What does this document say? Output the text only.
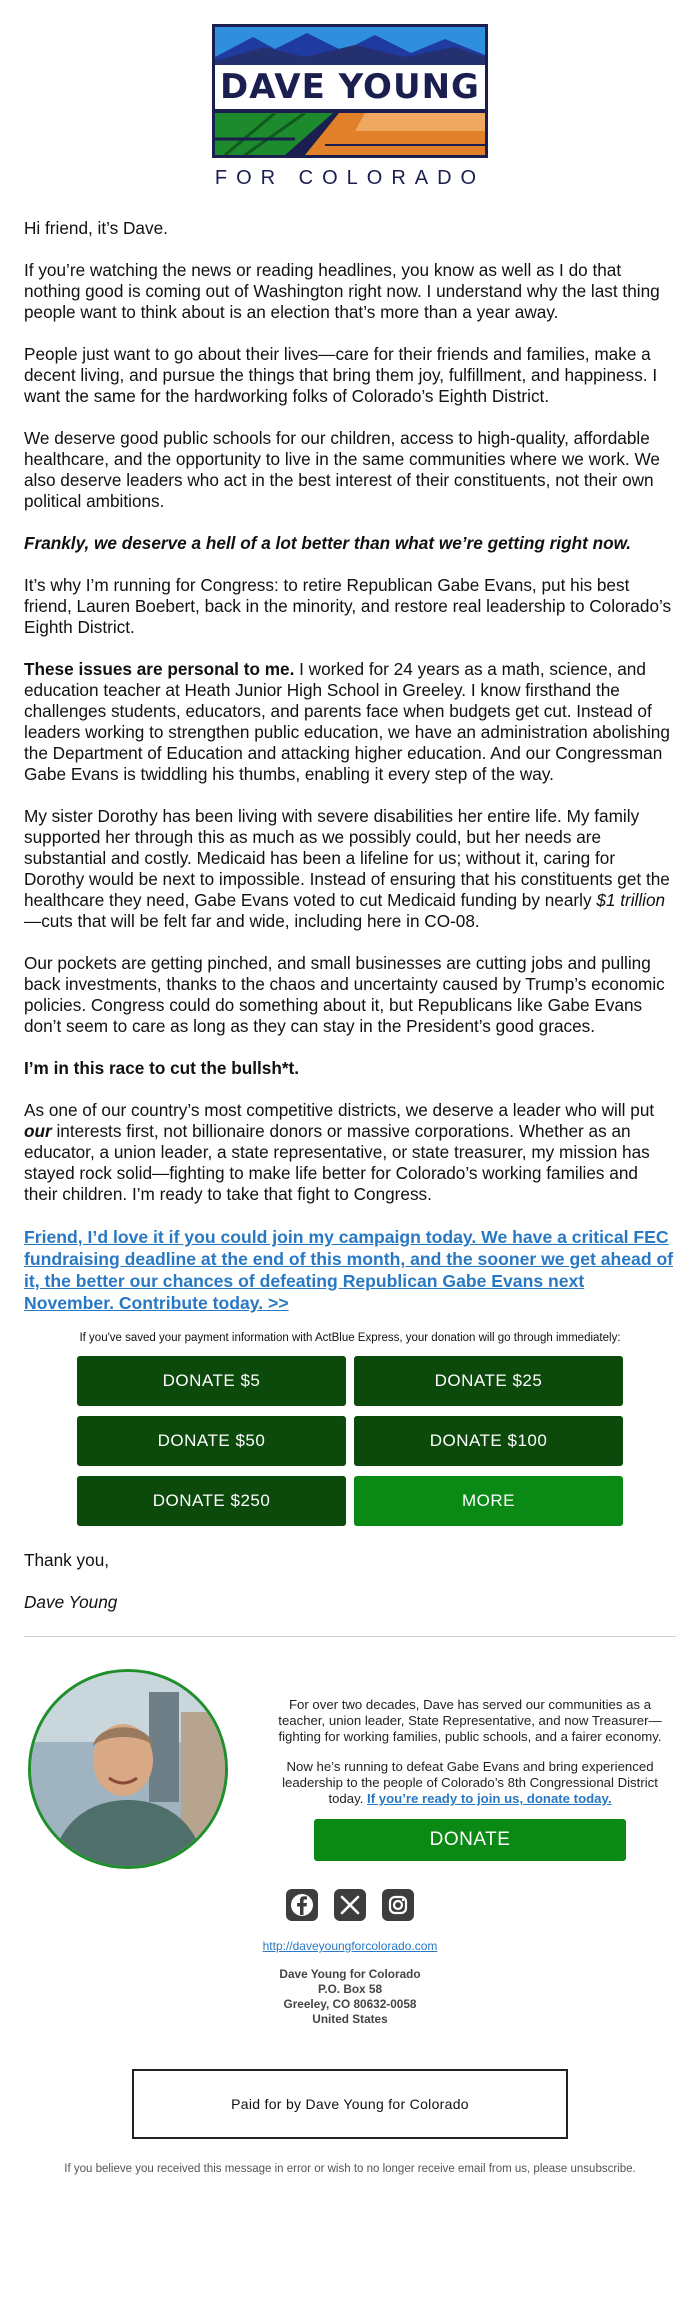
DAVE YOUNG
FOR COLORADO

Hi friend, it’s Dave.

If you’re watching the news or reading headlines, you know as well as I do that nothing good is coming out of Washington right now. I understand why the last thing people want to think about is an election that’s more than a year away.

People just want to go about their lives—care for their friends and families, make a decent living, and pursue the things that bring them joy, fulfillment, and happiness. I want the same for the hardworking folks of Colorado’s Eighth District.

We deserve good public schools for our children, access to high-quality, affordable healthcare, and the opportunity to live in the same communities where we work. We also deserve leaders who act in the best interest of their constituents, not their own political ambitions.

Frankly, we deserve a hell of a lot better than what we’re getting right now.

It’s why I’m running for Congress: to retire Republican Gabe Evans, put his best friend, Lauren Boebert, back in the minority, and restore real leadership to Colorado’s Eighth District.

These issues are personal to me. I worked for 24 years as a math, science, and education teacher at Heath Junior High School in Greeley. I know firsthand the challenges students, educators, and parents face when budgets get cut. Instead of leaders working to strengthen public education, we have an administration abolishing the Department of Education and attacking higher education. And our Congressman Gabe Evans is twiddling his thumbs, enabling it every step of the way.

My sister Dorothy has been living with severe disabilities her entire life. My family supported her through this as much as we possibly could, but her needs are substantial and costly. Medicaid has been a lifeline for us; without it, caring for Dorothy would be next to impossible. Instead of ensuring that his constituents get the healthcare they need, Gabe Evans voted to cut Medicaid funding by nearly $1 trillion—cuts that will be felt far and wide, including here in CO-08.

Our pockets are getting pinched, and small businesses are cutting jobs and pulling back investments, thanks to the chaos and uncertainty caused by Trump’s economic policies. Congress could do something about it, but Republicans like Gabe Evans don’t seem to care as long as they can stay in the President’s good graces.

I’m in this race to cut the bullsh*t.

As one of our country’s most competitive districts, we deserve a leader who will put our interests first, not billionaire donors or massive corporations. Whether as an educator, a union leader, a state representative, or state treasurer, my mission has stayed rock solid—fighting to make life better for Colorado’s working families and their children. I’m ready to take that fight to Congress.

Friend, I’d love it if you could join my campaign today. We have a critical FEC fundraising deadline at the end of this month, and the sooner we get ahead of it, the better our chances of defeating Republican Gabe Evans next November. Contribute today. >>

If you've saved your payment information with ActBlue Express, your donation will go through immediately:
DONATE $5	DONATE $25
DONATE $50	DONATE $100
DONATE $250	MORE
Thank you,
Dave Young

For over two decades, Dave has served our communities as a teacher, union leader, State Representative, and now Treasurer—fighting for working families, public schools, and a fairer economy.

Now he’s running to defeat Gabe Evans and bring experienced leadership to the people of Colorado’s 8th Congressional District today. If you’re ready to join us, donate today.

DONATE

http://daveyoungforcolorado.com
Dave Young for Colorado
P.O. Box 58
Greeley, CO 80632-0058
United States
Paid for by Dave Young for Colorado
If you believe you received this message in error or wish to no longer receive email from us, please unsubscribe.
